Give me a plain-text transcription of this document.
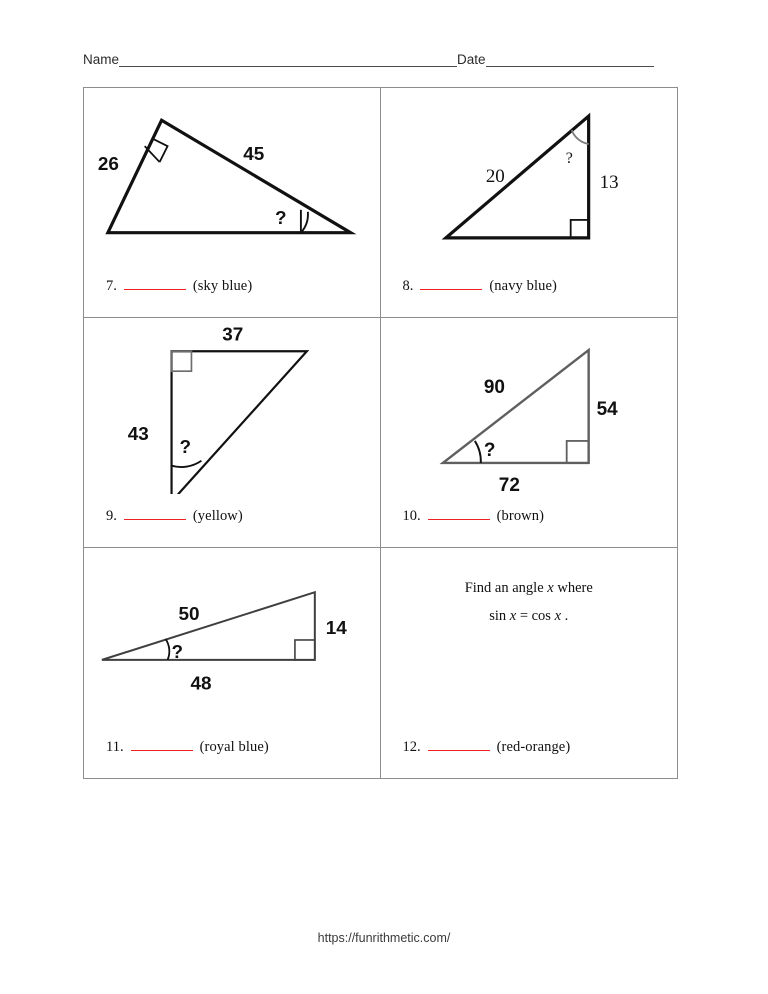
Name	Date
26	45
?
7.	(sky blue)
20	13
?
8.	(navy blue)
37
43
?
9.	(yellow)
90
54
72
?
10.	(brown)
50
14
48
?
11.	(royal blue)
Find an angle x where
sin x = cos x .
12.	(red-orange)
https://funrithmetic.com/
